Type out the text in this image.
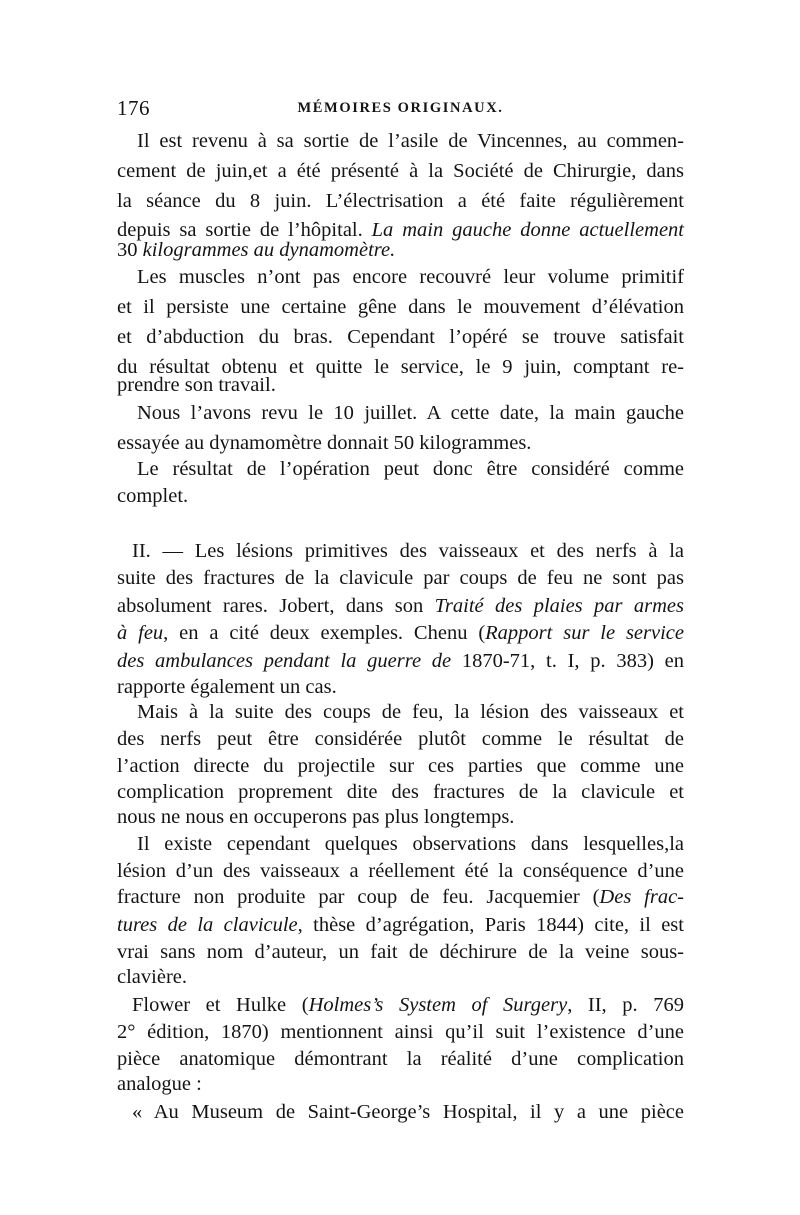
176	MÉMOIRES ORIGINAUX.
Il est revenu à sa sortie de l’asile de Vincennes, au commen-
cement de juin,et a été présenté à la Société de Chirurgie, dans
la séance du 8 juin. L’électrisation a été faite régulièrement
depuis sa sortie de l’hôpital. La main gauche donne actuellement
30 kilogrammes au dynamomètre.
Les muscles n’ont pas encore recouvré leur volume primitif
et il persiste une certaine gêne dans le mouvement d’élévation
et d’abduction du bras. Cependant l’opéré se trouve satisfait
du résultat obtenu et quitte le service, le 9 juin, comptant re-
prendre son travail.
Nous l’avons revu le 10 juillet. A cette date, la main gauche
essayée au dynamomètre donnait 50 kilogrammes.
Le résultat de l’opération peut donc être considéré comme
complet.
II. — Les lésions primitives des vaisseaux et des nerfs à la
suite des fractures de la clavicule par coups de feu ne sont pas
absolument rares. Jobert, dans son Traité des plaies par armes
à feu, en a cité deux exemples. Chenu (Rapport sur le service
des ambulances pendant la guerre de 1870-71, t. I, p. 383) en
rapporte également un cas.
Mais à la suite des coups de feu, la lésion des vaisseaux et
des nerfs peut être considérée plutôt comme le résultat de
l’action directe du projectile sur ces parties que comme une
complication proprement dite des fractures de la clavicule et
nous ne nous en occuperons pas plus longtemps.
Il existe cependant quelques observations dans lesquelles,la
lésion d’un des vaisseaux a réellement été la conséquence d’une
fracture non produite par coup de feu. Jacquemier (Des frac-
tures de la clavicule, thèse d’agrégation, Paris 1844) cite, il est
vrai sans nom d’auteur, un fait de déchirure de la veine sous-
clavière.
Flower et Hulke (Holmes’s System of Surgery, II, p. 769
2° édition, 1870) mentionnent ainsi qu’il suit l’existence d’une
pièce anatomique démontrant la réalité d’une complication
analogue :
« Au Museum de Saint-George’s Hospital, il y a une pièce
